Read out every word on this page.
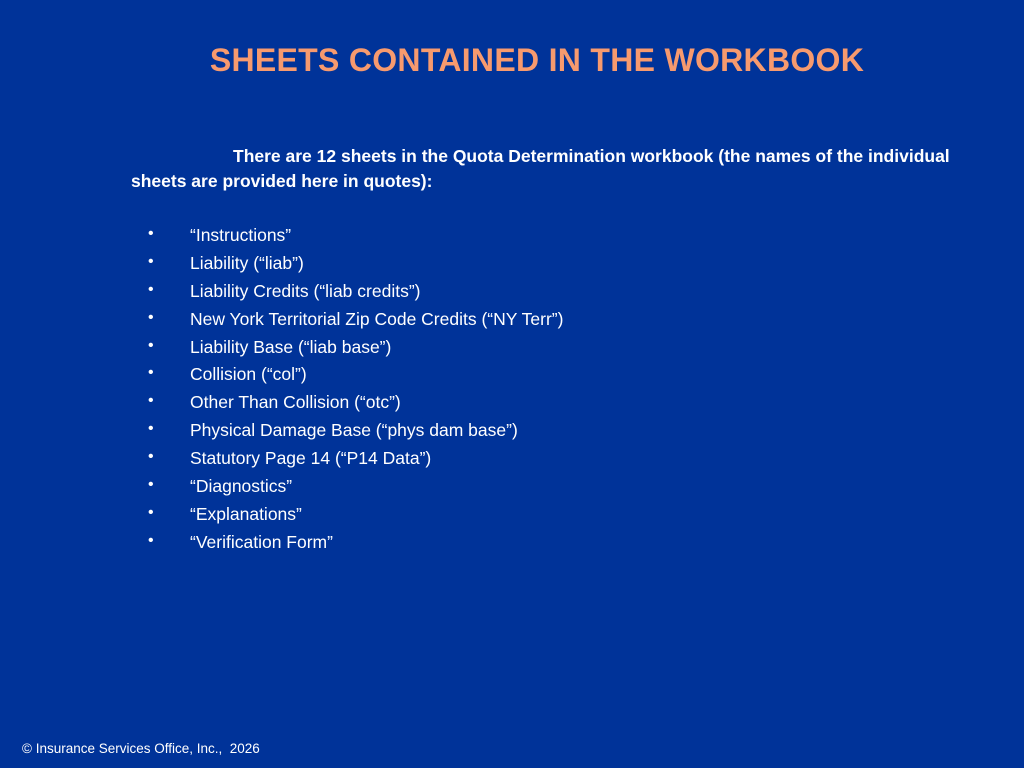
SHEETS CONTAINED IN THE WORKBOOK
There are 12 sheets in the Quota Determination workbook (the names of the individual sheets are provided here in quotes):
• “Instructions”
• Liability (“liab”)
• Liability Credits (“liab credits”)
• New York Territorial Zip Code Credits (“NY Terr”)
• Liability Base (“liab base”)
• Collision (“col”)
• Other Than Collision (“otc”)
• Physical Damage Base (“phys dam base”)
• Statutory Page 14 (“P14 Data”)
• “Diagnostics”
• “Explanations”
• “Verification Form”
© Insurance Services Office, Inc.,  2026
